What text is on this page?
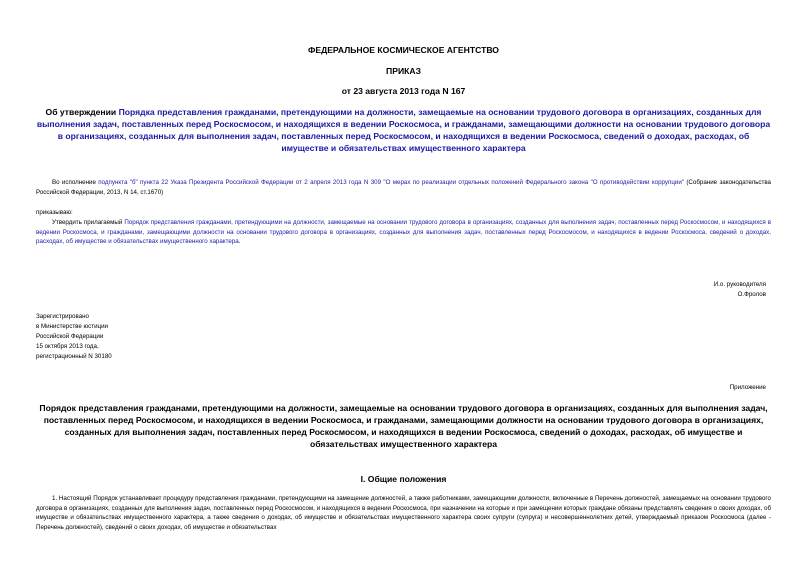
ФЕДЕРАЛЬНОЕ КОСМИЧЕСКОЕ АГЕНТСТВО
ПРИКАЗ
от 23 августа 2013 года N 167
Об утверждении Порядка представления гражданами, претендующими на должности, замещаемые на основании трудового договора в организациях, созданных для выполнения задач, поставленных перед Роскосмосом, и находящихся в ведении Роскосмоса, и гражданами, замещающими должности на основании трудового договора в организациях, созданных для выполнения задач, поставленных перед Роскосмосом, и находящихся в ведении Роскосмоса, сведений о доходах, расходах, об имуществе и обязательствах имущественного характера
Во исполнение подпункта "б" пункта 22 Указа Президента Российской Федерации от 2 апреля 2013 года N 309 "О мерах по реализации отдельных положений Федерального закона "О противодействии коррупции" (Собрание законодательства Российской Федерации, 2013, N 14, ст.1670)
приказываю:
Утвердить прилагаемый Порядок представления гражданами, претендующими на должности, замещаемые на основании трудового договора в организациях, созданных для выполнения задач, поставленных перед Роскосмосом, и находящихся в ведении Роскосмоса, и гражданами, замещающими должности на основании трудового договора в организациях, созданных для выполнения задач, поставленных перед Роскосмосом, и находящихся в ведении Роскосмоса, сведений о доходах, расходах, об имуществе и обязательствах имущественного характера.
И.о. руководителя
О.Фролов
Зарегистрировано
в Министерстве юстиции
Российской Федерации
15 октября 2013 года,
регистрационный N 30180
Приложение
Порядок представления гражданами, претендующими на должности, замещаемые на основании трудового договора в организациях, созданных для выполнения задач, поставленных перед Роскосмосом, и находящихся в ведении Роскосмоса, и гражданами, замещающими должности на основании трудового договора в организациях, созданных для выполнения задач, поставленных перед Роскосмосом, и находящихся в ведении Роскосмоса, сведений о доходах, расходах, об имуществе и обязательствах имущественного характера
I. Общие положения
1. Настоящий Порядок устанавливает процедуру представления гражданами, претендующими на замещение должностей, а также работниками, замещающими должности, включенные в Перечень должностей, замещаемых на основании трудового договора в организациях, созданных для выполнения задач, поставленных перед Роскосмосом, и находящихся в ведении Роскосмоса, при назначении на которые и при замещении которых граждане обязаны представлять сведения о своих доходах, об имуществе и обязательствах имущественного характера, а также сведения о доходах, об имуществе и обязательствах имущественного характера своих супруги (супруга) и несовершеннолетних детей, утверждаемый приказом Роскосмоса (далее - Перечень должностей), сведений о своих доходах, об имуществе и обязательствах
